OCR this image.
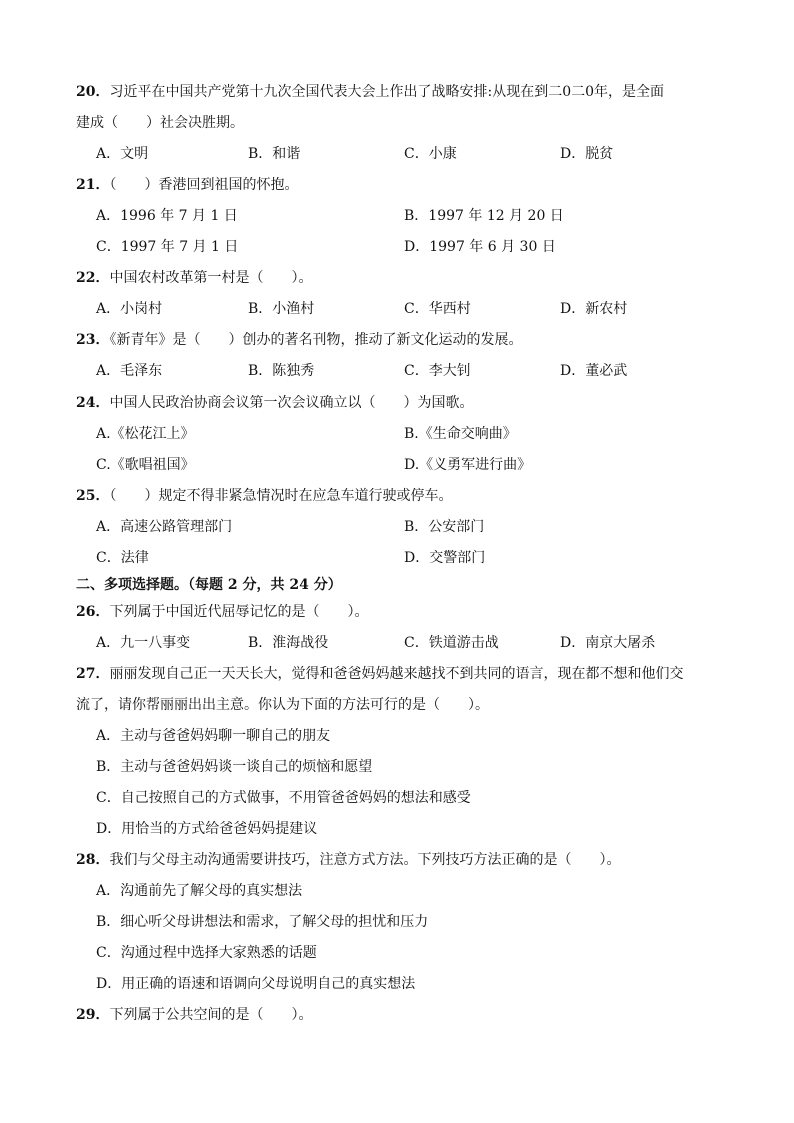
20．习近平在中国共产党第十九次全国代表大会上作出了战略安排:从现在到二0二0年，是全面
建成（　　）社会决胜期。
A．文明	B．和谐	C．小康	D．脱贫
21．（　　）香港回到祖国的怀抱。
A．1996 年 7 月 1 日	B．1997 年 12 月 20 日
C．1997 年 7 月 1 日	D．1997 年 6 月 30 日
22．中国农村改革第一村是（　　）。
A．小岗村	B．小渔村	C．华西村	D．新农村
23．《新青年》是（　　）创办的著名刊物，推动了新文化运动的发展。
A．毛泽东	B．陈独秀	C．李大钊	D．董必武
24．中国人民政治协商会议第一次会议确立以（　　）为国歌。
A.《松花江上》	B.《生命交响曲》
C.《歌唱祖国》	D.《义勇军进行曲》
25．（　　）规定不得非紧急情况时在应急车道行驶或停车。
A．高速公路管理部门	B．公安部门
C．法律	D．交警部门
二、多项选择题。（每题 2 分，共 24 分）
26．下列属于中国近代屈辱记忆的是（　　）。
A．九一八事变	B．淮海战役	C．铁道游击战	D．南京大屠杀
27．丽丽发现自己正一天天长大，觉得和爸爸妈妈越来越找不到共同的语言，现在都不想和他们交
流了，请你帮丽丽出出主意。你认为下面的方法可行的是（　　）。
A．主动与爸爸妈妈聊一聊自己的朋友
B．主动与爸爸妈妈谈一谈自己的烦恼和愿望
C．自己按照自己的方式做事，不用管爸爸妈妈的想法和感受
D．用恰当的方式给爸爸妈妈提建议
28．我们与父母主动沟通需要讲技巧，注意方式方法。下列技巧方法正确的是（　　）。
A．沟通前先了解父母的真实想法
B．细心听父母讲想法和需求，了解父母的担忧和压力
C．沟通过程中选择大家熟悉的话题
D．用正确的语速和语调向父母说明自己的真实想法
29．下列属于公共空间的是（　　）。
